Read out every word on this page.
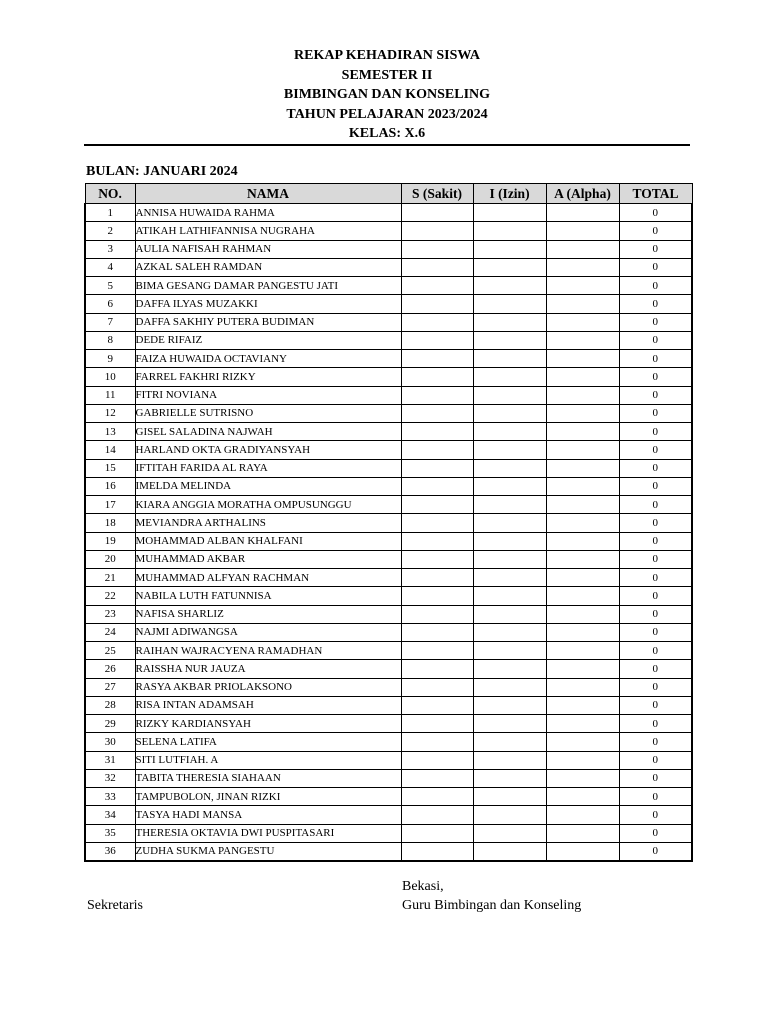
REKAP KEHADIRAN SISWA
SEMESTER II
BIMBINGAN DAN KONSELING
TAHUN PELAJARAN 2023/2024
KELAS: X.6
BULAN: JANUARI 2024
NO.	NAMA	S (Sakit)	I (Izin)	A (Alpha)	TOTAL
1	ANNISA HUWAIDA RAHMA				0
2	ATIKAH LATHIFANNISA NUGRAHA				0
3	AULIA NAFISAH RAHMAN				0
4	AZKAL SALEH RAMDAN				0
5	BIMA GESANG DAMAR PANGESTU JATI				0
6	DAFFA ILYAS MUZAKKI				0
7	DAFFA SAKHIY PUTERA BUDIMAN				0
8	DEDE RIFAIZ				0
9	FAIZA HUWAIDA OCTAVIANY				0
10	FARREL FAKHRI RIZKY				0
11	FITRI NOVIANA				0
12	GABRIELLE SUTRISNO				0
13	GISEL SALADINA NAJWAH				0
14	HARLAND OKTA GRADIYANSYAH				0
15	IFTITAH FARIDA AL RAYA				0
16	IMELDA MELINDA				0
17	KIARA ANGGIA MORATHA OMPUSUNGGU				0
18	MEVIANDRA ARTHALINS				0
19	MOHAMMAD ALBAN KHALFANI				0
20	MUHAMMAD AKBAR				0
21	MUHAMMAD ALFYAN RACHMAN				0
22	NABILA LUTH FATUNNISA				0
23	NAFISA SHARLIZ				0
24	NAJMI ADIWANGSA				0
25	RAIHAN WAJRACYENA RAMADHAN				0
26	RAISSHA NUR JAUZA				0
27	RASYA AKBAR PRIOLAKSONO				0
28	RISA INTAN ADAMSAH				0
29	RIZKY KARDIANSYAH				0
30	SELENA LATIFA				0
31	SITI LUTFIAH. A				0
32	TABITA THERESIA SIAHAAN				0
33	TAMPUBOLON, JINAN RIZKI				0
34	TASYA HADI MANSA				0
35	THERESIA OKTAVIA DWI PUSPITASARI				0
36	ZUDHA SUKMA PANGESTU				0
Bekasi,
Sekretaris	Guru Bimbingan dan Konseling
